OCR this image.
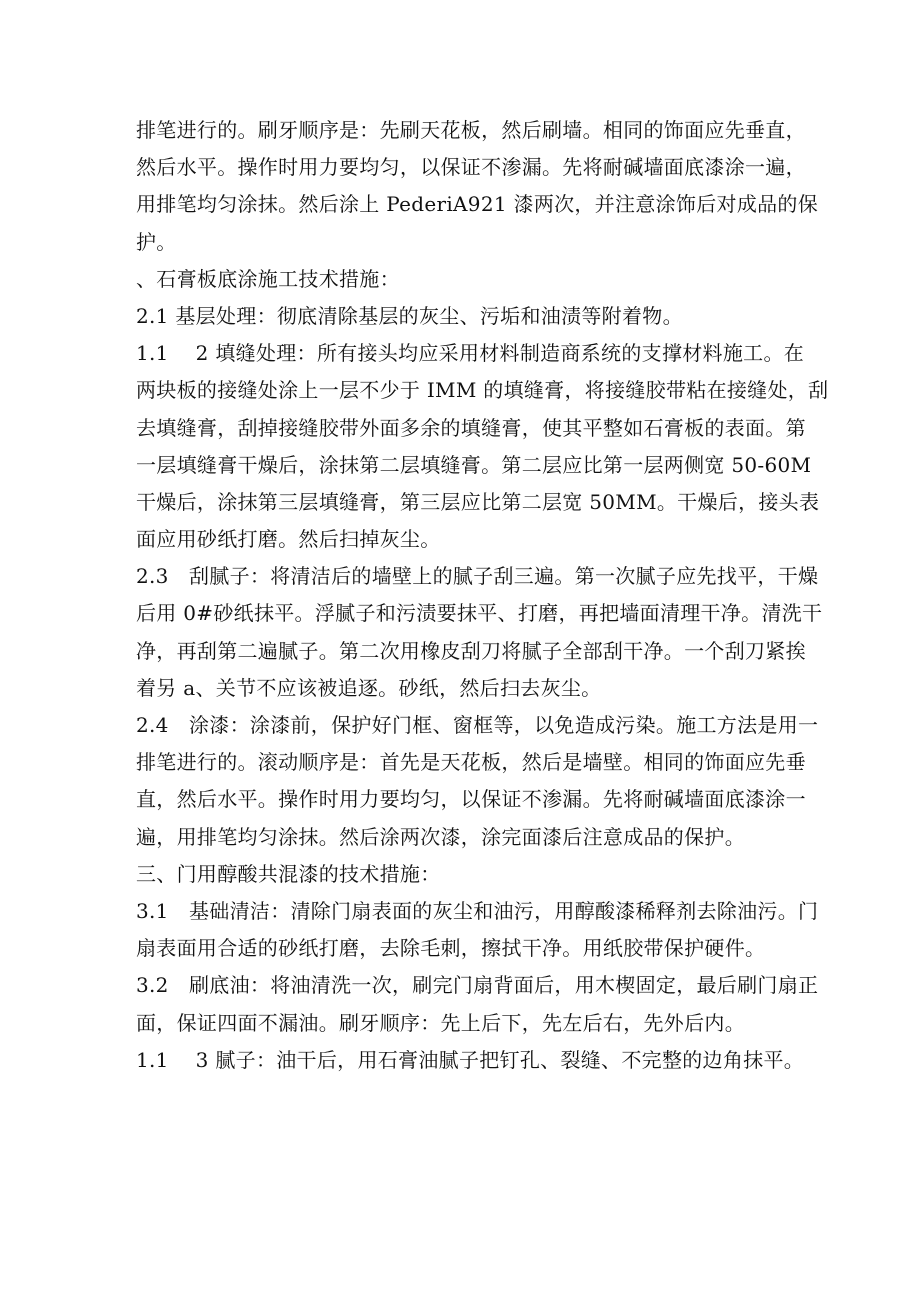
排笔进行的。刷牙顺序是：先刷天花板，然后刷墙。相同的饰面应先垂直，
然后水平。操作时用力要均匀，以保证不渗漏。先将耐碱墙面底漆涂一遍，
用排笔均匀涂抹。然后涂上 PederiA921 漆两次，并注意涂饰后对成品的保
护。
、石膏板底涂施工技术措施：
2.1 基层处理：彻底清除基层的灰尘、污垢和油渍等附着物。
1.1　 2 填缝处理：所有接头均应采用材料制造商系统的支撑材料施工。在
两块板的接缝处涂上一层不少于 IMM 的填缝膏，将接缝胶带粘在接缝处，刮
去填缝膏，刮掉接缝胶带外面多余的填缝膏，使其平整如石膏板的表面。第
一层填缝膏干燥后，涂抹第二层填缝膏。第二层应比第一层两侧宽 50-60M
干燥后，涂抹第三层填缝膏，第三层应比第二层宽 50MM。干燥后，接头表
面应用砂纸打磨。然后扫掉灰尘。
2.3　刮腻子：将清洁后的墙壁上的腻子刮三遍。第一次腻子应先找平，干燥
后用 0#砂纸抹平。浮腻子和污渍要抹平、打磨，再把墙面清理干净。清洗干
净，再刮第二遍腻子。第二次用橡皮刮刀将腻子全部刮干净。一个刮刀紧挨
着另 a、关节不应该被追逐。砂纸，然后扫去灰尘。
2.4　涂漆：涂漆前，保护好门框、窗框等，以免造成污染。施工方法是用一
排笔进行的。滚动顺序是：首先是天花板，然后是墙壁。相同的饰面应先垂
直，然后水平。操作时用力要均匀，以保证不渗漏。先将耐碱墙面底漆涂一
遍，用排笔均匀涂抹。然后涂两次漆，涂完面漆后注意成品的保护。
三、门用醇酸共混漆的技术措施：
3.1　基础清洁：清除门扇表面的灰尘和油污，用醇酸漆稀释剂去除油污。门
扇表面用合适的砂纸打磨，去除毛刺，擦拭干净。用纸胶带保护硬件。
3.2　刷底油：将油清洗一次，刷完门扇背面后，用木楔固定，最后刷门扇正
面，保证四面不漏油。刷牙顺序：先上后下，先左后右，先外后内。
1.1　 3 腻子：油干后，用石膏油腻子把钉孔、裂缝、不完整的边角抹平。
